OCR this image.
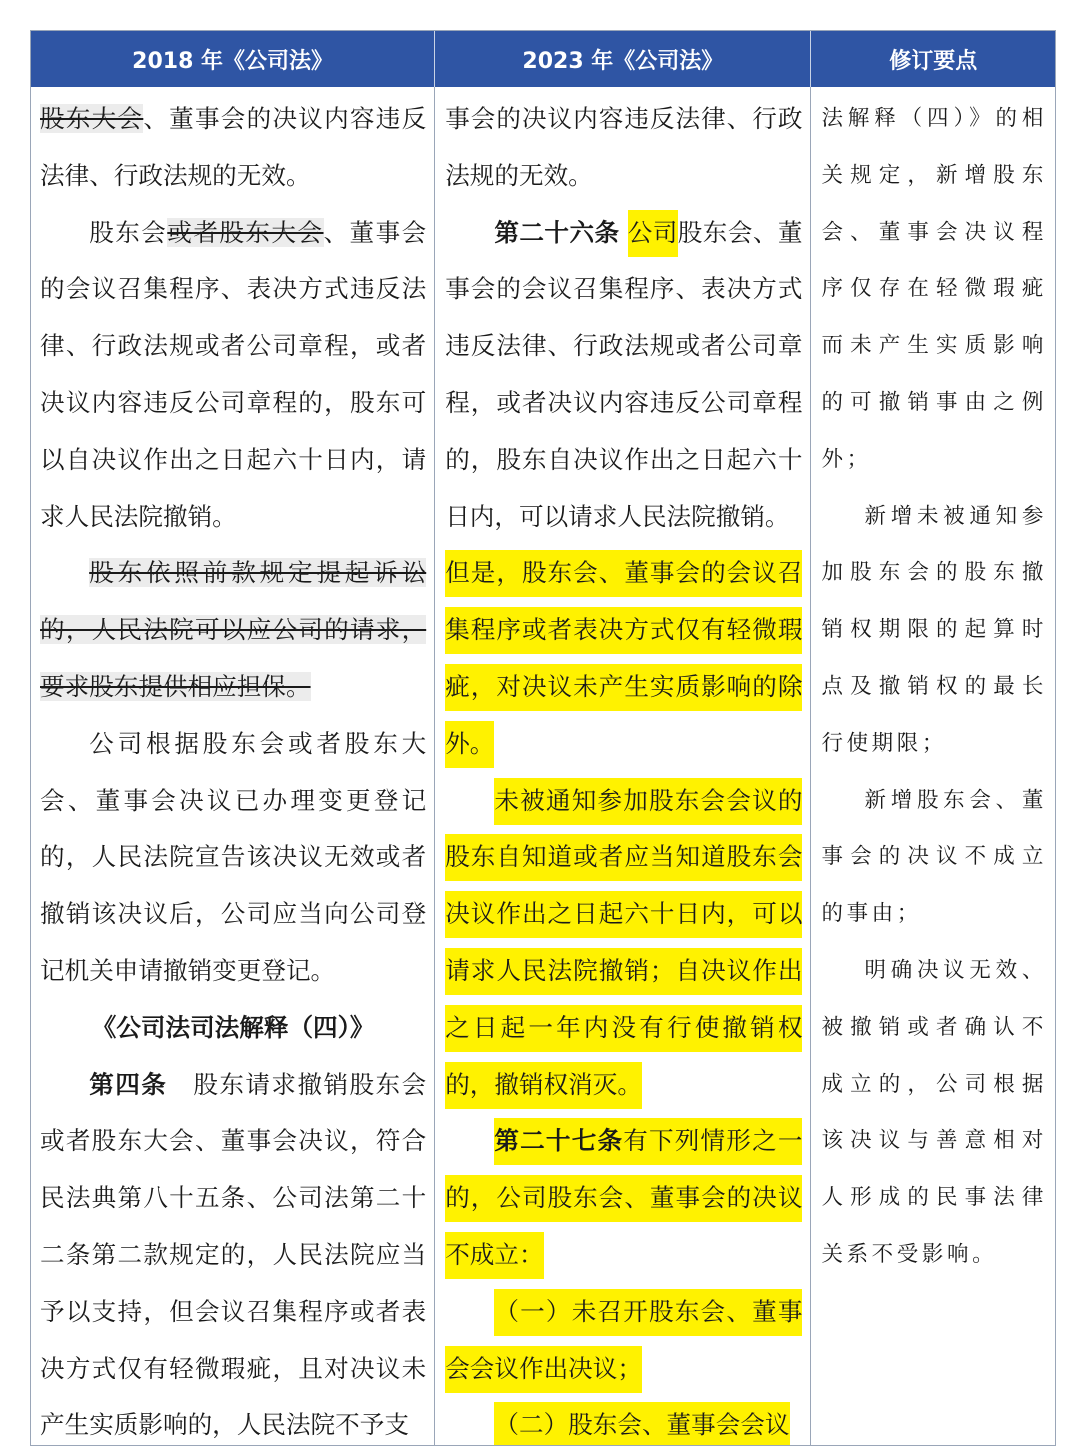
2018 年《公司法》	2023 年《公司法》	修订要点

股东大会、董事会的决议内容违反法律、行政法规的无效。

股东会或者股东大会、董事会的会议召集程序、表决方式违反法律、行政法规或者公司章程，或者决议内容违反公司章程的，股东可以自决议作出之日起六十日内，请求人民法院撤销。

股东依照前款规定提起诉讼的，人民法院可以应公司的请求，要求股东提供相应担保。

公司根据股东会或者股东大会、董事会决议已办理变更登记的，人民法院宣告该决议无效或者撤销该决议后，公司应当向公司登记机关申请撤销变更登记。

《公司法司法解释（四）》

第四条　股东请求撤销股东会或者股东大会、董事会决议，符合民法典第八十五条、公司法第二十二条第二款规定的，人民法院应当予以支持，但会议召集程序或者表决方式仅有轻微瑕疵，且对决议未产生实质影响的，人民法院不予支

事会的决议内容违反法律、行政法规的无效。

第二十六条 公司股东会、董事会的会议召集程序、表决方式违反法律、行政法规或者公司章程，或者决议内容违反公司章程的，股东自决议作出之日起六十日内，可以请求人民法院撤销。

但是，股东会、董事会的会议召集程序或者表决方式仅有轻微瑕疵，对决议未产生实质影响的除外。

未被通知参加股东会会议的股东自知道或者应当知道股东会决议作出之日起六十日内，可以请求人民法院撤销；自决议作出之日起一年内没有行使撤销权的，撤销权消灭。

第二十七条有下列情形之一的，公司股东会、董事会的决议不成立：

（一）未召开股东会、董事会会议作出决议；

（二）股东会、董事会会议

法解释（四）》的相关规定，新增股东会、董事会决议程序仅存在轻微瑕疵而未产生实质影响的可撤销事由之例外；

新增未被通知参加股东会的股东撤销权期限的起算时点及撤销权的最长行使期限；

新增股东会、董事会的决议不成立的事由；

明确决议无效、被撤销或者确认不成立的，公司根据该决议与善意相对人形成的民事法律关系不受影响。
